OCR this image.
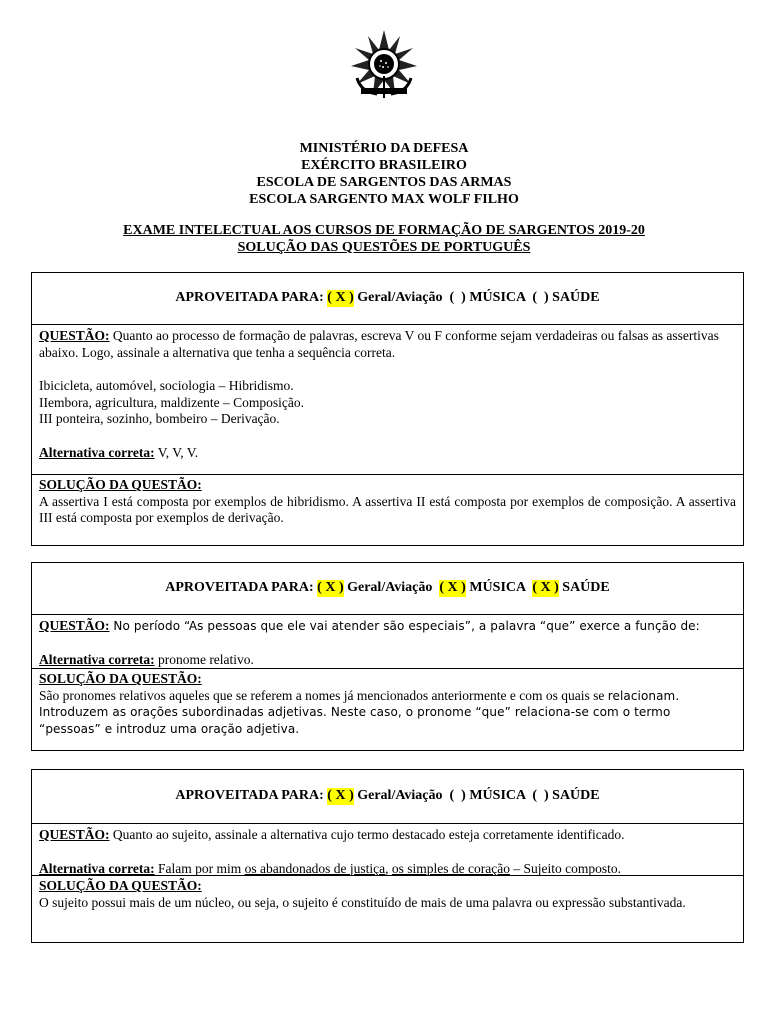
MINISTÉRIO DA DEFESA
EXÉRCITO BRASILEIRO
ESCOLA DE SARGENTOS DAS ARMAS
ESCOLA SARGENTO MAX WOLF FILHO
EXAME INTELECTUAL AOS CURSOS DE FORMAÇÃO DE SARGENTOS 2019-20
SOLUÇÃO DAS QUESTÕES DE PORTUGUÊS
APROVEITADA PARA: ( X ) Geral/Aviação  (  ) MÚSICA  (  ) SAÚDE

QUESTÃO: Quanto ao processo de formação de palavras, escreva V ou F conforme sejam verdadeiras ou falsas as assertivas abaixo. Logo, assinale a alternativa que tenha a sequência correta.

Ibicicleta, automóvel, sociologia – Hibridismo.

IIembora, agricultura, maldizente – Composição.

III ponteira, sozinho, bombeiro – Derivação.

Alternativa correta: V, V, V.

SOLUÇÃO DA QUESTÃO:

A assertiva I está composta por exemplos de hibridismo. A assertiva II está composta por exemplos de composição. A assertiva III está composta por exemplos de derivação.

APROVEITADA PARA: ( X ) Geral/Aviação ( X ) MÚSICA ( X ) SAÚDE

QUESTÃO: No período “As pessoas que ele vai atender são especiais”, a palavra “que” exerce a função de:

Alternativa correta: pronome relativo.

SOLUÇÃO DA QUESTÃO:

São pronomes relativos aqueles que se referem a nomes já mencionados anteriormente e com os quais se relacionam. Introduzem as orações subordinadas adjetivas. Neste caso, o pronome “que” relaciona-se com o termo “pessoas” e introduz uma oração adjetiva.

APROVEITADA PARA: ( X ) Geral/Aviação  (  ) MÚSICA  (  ) SAÚDE

QUESTÃO: Quanto ao sujeito, assinale a alternativa cujo termo destacado esteja corretamente identificado.

Alternativa correta: Falam por mim os abandonados de justiça, os simples de coração – Sujeito composto.

SOLUÇÃO DA QUESTÃO:

O sujeito possui mais de um núcleo, ou seja, o sujeito é constituído de mais de uma palavra ou expressão substantivada.
